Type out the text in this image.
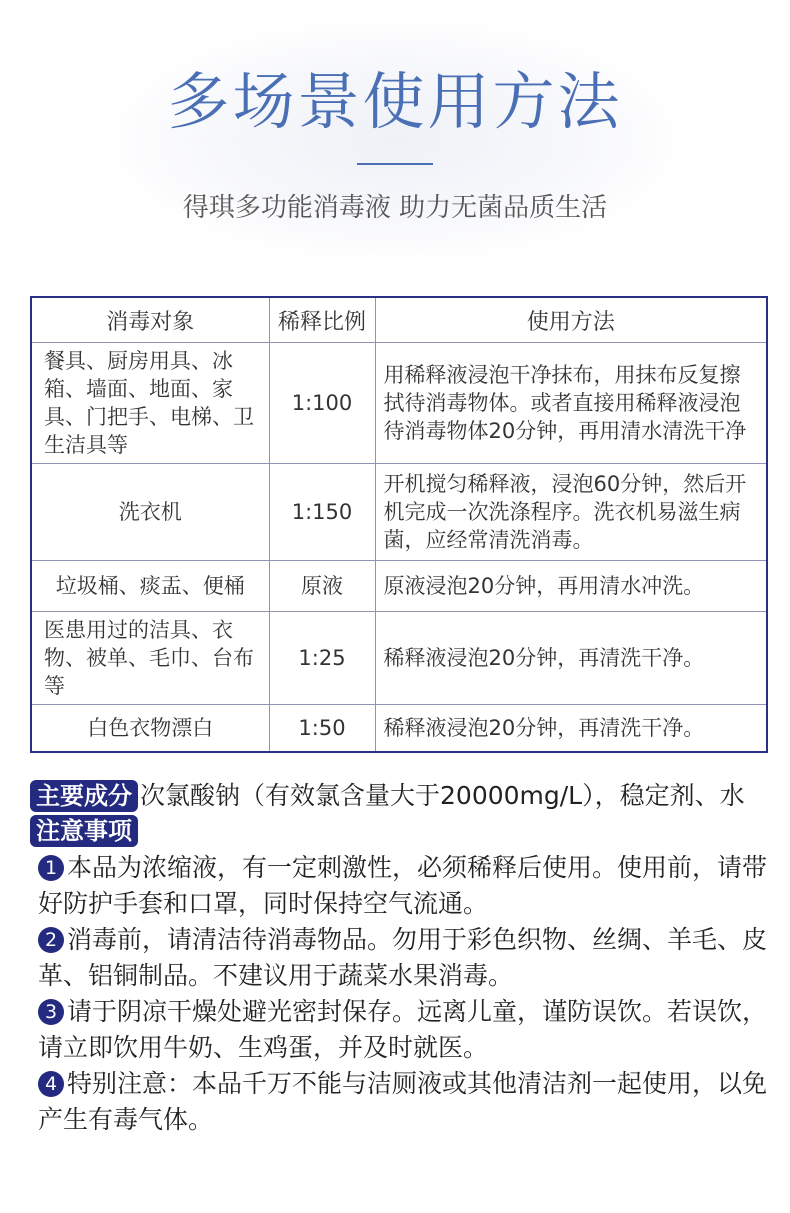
多场景使用方法
得琪多功能消毒液 助力无菌品质生活
消毒对象	稀释比例	使用方法
餐具、厨房用具、冰箱、墙面、地面、家具、门把手、电梯、卫生洁具等	1:100	用稀释液浸泡干净抹布，用抹布反复擦拭待消毒物体。或者直接用稀释液浸泡待消毒物体20分钟，再用清水清洗干净
洗衣机	1:150	开机搅匀稀释液，浸泡60分钟，然后开机完成一次洗涤程序。洗衣机易滋生病菌，应经常清洗消毒。
垃圾桶、痰盂、便桶	原液	原液浸泡20分钟，再用清水冲洗。
医患用过的洁具、衣物、被单、毛巾、台布等	1:25	稀释液浸泡20分钟，再清洗干净。
白色衣物漂白	1:50	稀释液浸泡20分钟，再清洗干净。
主要成分 次氯酸钠（有效氯含量大于20000mg/L），稳定剂、水
注意事项

1 本品为浓缩液，有一定刺激性，必须稀释后使用。使用前，请带好防护手套和口罩，同时保持空气流通。

2 消毒前，请清洁待消毒物品。勿用于彩色织物、丝绸、羊毛、皮革、铝铜制品。不建议用于蔬菜水果消毒。

3 请于阴凉干燥处避光密封保存。远离儿童，谨防误饮。若误饮，请立即饮用牛奶、生鸡蛋，并及时就医。

4 特别注意：本品千万不能与洁厕液或其他清洁剂一起使用，以免产生有毒气体。
